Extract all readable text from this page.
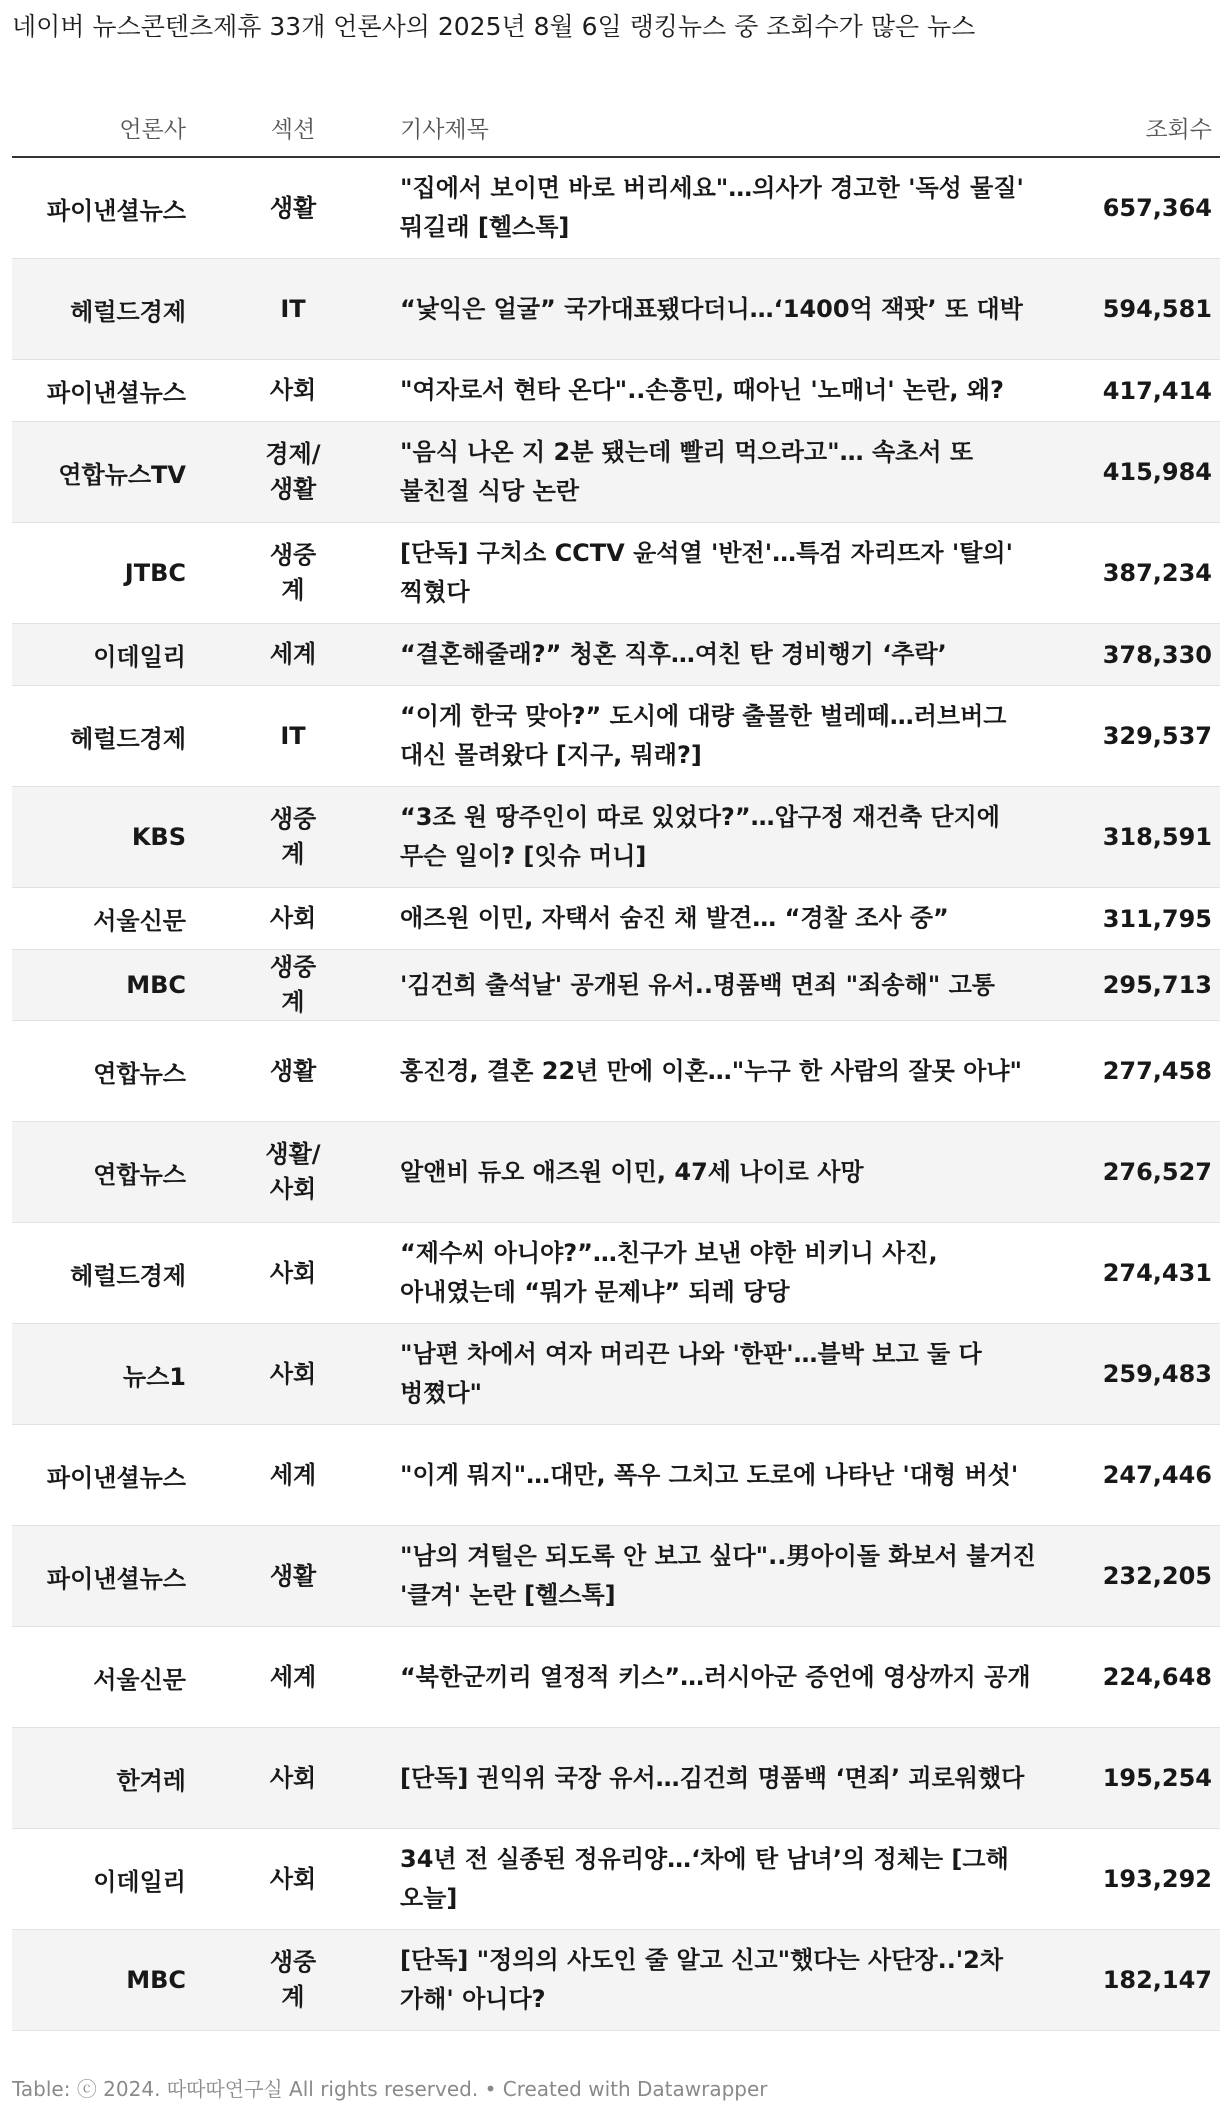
네이버 뉴스콘텐츠제휴 33개 언론사의 2025년 8월 6일 랭킹뉴스 중 조회수가 많은 뉴스
언론사	섹션	기사제목	조회수
파이낸셜뉴스	생활	"집에서 보이면 바로 버리세요"…의사가 경고한 '독성 물질' 뭐길래 [헬스톡]	657,364
헤럴드경제	IT	“낯익은 얼굴” 국가대표됐다더니…‘1400억 잭팟’ 또 대박	594,581
파이낸셜뉴스	사회	"여자로서 현타 온다"..손흥민, 때아닌 '노매너' 논란, 왜?	417,414
연합뉴스TV	경제/생활	"음식 나온 지 2분 됐는데 빨리 먹으라고"… 속초서 또 불친절 식당 논란	415,984
JTBC	생중계	[단독] 구치소 CCTV 윤석열 '반전'…특검 자리뜨자 '탈의' 찍혔다	387,234
이데일리	세계	“결혼해줄래?” 청혼 직후…여친 탄 경비행기 ‘추락’	378,330
헤럴드경제	IT	“이게 한국 맞아?” 도시에 대량 출몰한 벌레떼…러브버그 대신 몰려왔다 [지구, 뭐래?]	329,537
KBS	생중계	“3조 원 땅주인이 따로 있었다?”…압구정 재건축 단지에 무슨 일이? [잇슈 머니]	318,591
서울신문	사회	애즈원 이민, 자택서 숨진 채 발견… “경찰 조사 중”	311,795
MBC	생중계	'김건희 출석날' 공개된 유서..명품백 면죄 "죄송해" 고통	295,713
연합뉴스	생활	홍진경, 결혼 22년 만에 이혼…"누구 한 사람의 잘못 아냐"	277,458
연합뉴스	생활/사회	알앤비 듀오 애즈원 이민, 47세 나이로 사망	276,527
헤럴드경제	사회	“제수씨 아니야?”…친구가 보낸 야한 비키니 사진, 아내였는데 “뭐가 문제냐” 되레 당당	274,431
뉴스1	사회	"남편 차에서 여자 머리끈 나와 '한판'…블박 보고 둘 다 벙쪘다"	259,483
파이낸셜뉴스	세계	"이게 뭐지"…대만, 폭우 그치고 도로에 나타난 '대형 버섯'	247,446
파이낸셜뉴스	생활	"남의 겨털은 되도록 안 보고 싶다"..男아이돌 화보서 불거진 '클겨' 논란 [헬스톡]	232,205
서울신문	세계	“북한군끼리 열정적 키스”…러시아군 증언에 영상까지 공개	224,648
한겨레	사회	[단독] 권익위 국장 유서…김건희 명품백 ‘면죄’ 괴로워했다	195,254
이데일리	사회	34년 전 실종된 정유리양…‘차에 탄 남녀’의 정체는 [그해 오늘]	193,292
MBC	생중계	[단독] "정의의 사도인 줄 알고 신고"했다는 사단장..'2차 가해' 아니다?	182,147
Table: ⓒ 2024. 따따따연구실 All rights reserved. • Created with Datawrapper
